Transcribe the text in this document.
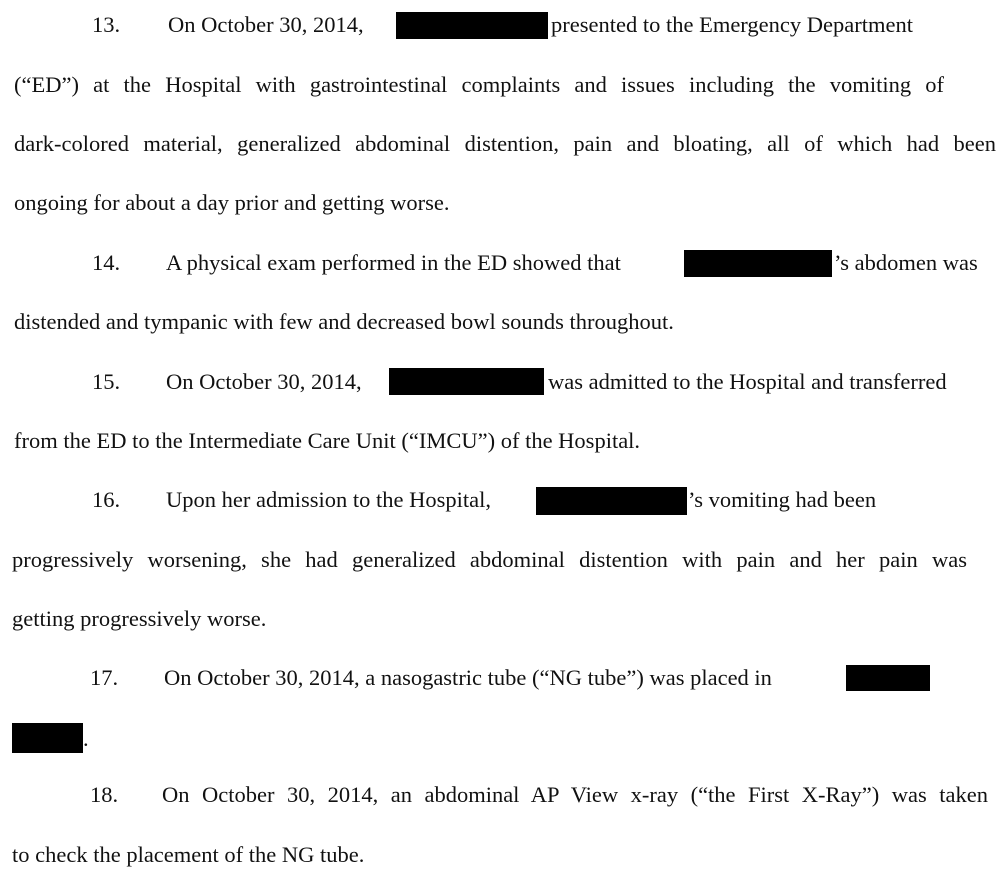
13. On October 30, 2014,	presented to the Emergency Department
(“ED”) at the Hospital with gastrointestinal complaints and issues including the vomiting of
dark-colored material, generalized abdominal distention, pain and bloating, all of which had been
ongoing for about a day prior and getting worse.
14. A physical exam performed in the ED showed that	’s abdomen was
distended and tympanic with few and decreased bowl sounds throughout.
15. On October 30, 2014,	was admitted to the Hospital and transferred
from the ED to the Intermediate Care Unit (“IMCU”) of the Hospital.
16. Upon her admission to the Hospital,	’s vomiting had been
progressively worsening, she had generalized abdominal distention with pain and her pain was
getting progressively worse.
17. On October 30, 2014, a nasogastric tube (“NG tube”) was placed in
.
18. On October 30, 2014, an abdominal AP View x-ray (“the First X-Ray”) was taken
to check the placement of the NG tube.
